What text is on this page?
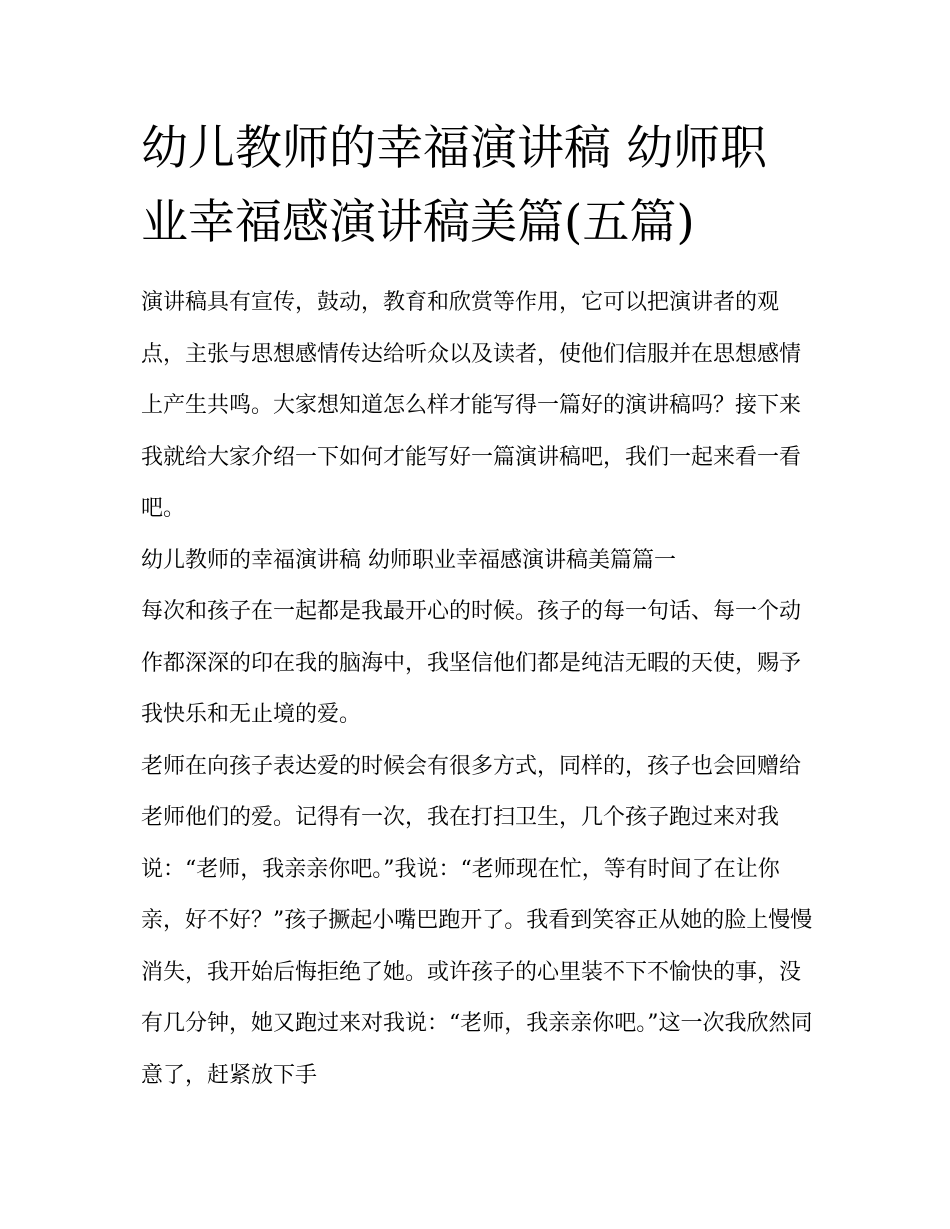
幼儿教师的幸福演讲稿 幼师职业幸福感演讲稿美篇(五篇)

演讲稿具有宣传，鼓动，教育和欣赏等作用，它可以把演讲者的观点，主张与思想感情传达给听众以及读者，使他们信服并在思想感情上产生共鸣。大家想知道怎么样才能写得一篇好的演讲稿吗？接下来我就给大家介绍一下如何才能写好一篇演讲稿吧，我们一起来看一看吧。

幼儿教师的幸福演讲稿 幼师职业幸福感演讲稿美篇篇一

每次和孩子在一起都是我最开心的时候。孩子的每一句话、每一个动作都深深的印在我的脑海中，我坚信他们都是纯洁无暇的天使，赐予我快乐和无止境的爱。

老师在向孩子表达爱的时候会有很多方式，同样的，孩子也会回赠给老师他们的爱。记得有一次，我在打扫卫生，几个孩子跑过来对我说：“老师，我亲亲你吧。”我说：“老师现在忙，等有时间了在让你亲，好不好？”孩子撅起小嘴巴跑开了。我看到笑容正从她的脸上慢慢消失，我开始后悔拒绝了她。或许孩子的心里装不下不愉快的事，没有几分钟，她又跑过来对我说：“老师，我亲亲你吧。”这一次我欣然同意了，赶紧放下手
